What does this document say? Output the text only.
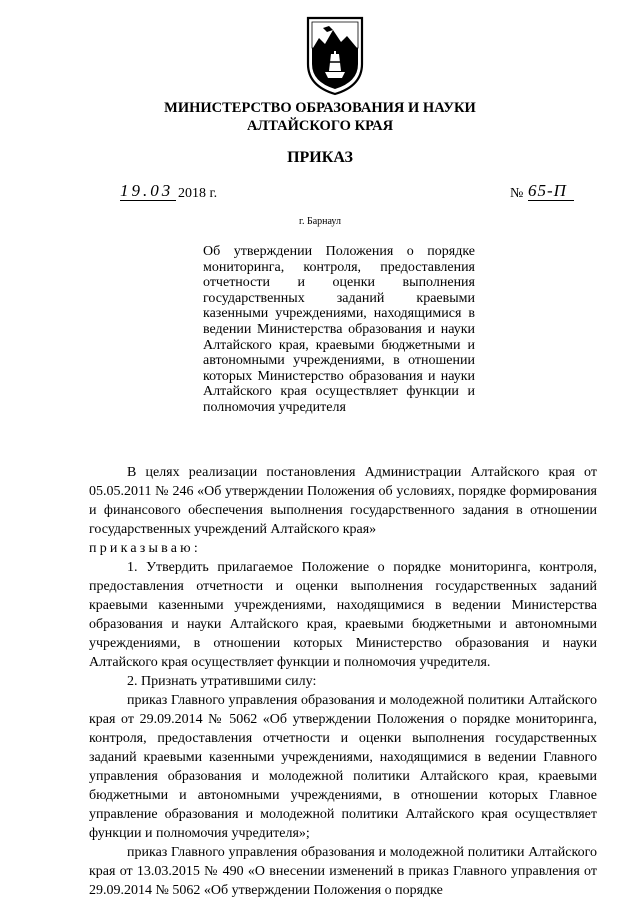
МИНИСТЕРСТВО ОБРАЗОВАНИЯ И НАУКИ
АЛТАЙСКОГО КРАЯ
ПРИКАЗ
19.03 2018 г.	№ 65-П
г. Барнаул
Об утверждении Положения о порядке мониторинга, контроля, предоставления отчетности и оценки выполнения государственных заданий краевыми казенными учреждениями, находящимися в ведении Министерства образования и науки Алтайского края, краевыми бюджетными и автономными учреждениями, в отношении которых Министерство образования и науки Алтайского края осуществляет функции и полномочия учредителя

В целях реализации постановления Администрации Алтайского края от 05.05.2011 № 246 «Об утверждении Положения об условиях, порядке формирования и финансового обеспечения выполнения государственного задания в отношении государственных учреждений Алтайского края»

приказываю:

1. Утвердить прилагаемое Положение о порядке мониторинга, контроля, предоставления отчетности и оценки выполнения государственных заданий краевыми казенными учреждениями, находящимися в ведении Министерства образования и науки Алтайского края, краевыми бюджетными и автономными учреждениями, в отношении которых Министерство образования и науки Алтайского края осуществляет функции и полномочия учредителя.

2. Признать утратившими силу:

приказ Главного управления образования и молодежной политики Алтайского края от 29.09.2014 № 5062 «Об утверждении Положения о порядке мониторинга, контроля, предоставления отчетности и оценки выполнения государственных заданий краевыми казенными учреждениями, находящимися в ведении Главного управления образования и молодежной политики Алтайского края, краевыми бюджетными и автономными учреждениями, в отношении которых Главное управление образования и молодежной политики Алтайского края осуществляет функции и полномочия учредителя»;

приказ Главного управления образования и молодежной политики Алтайского края от 13.03.2015 № 490 «О внесении изменений в приказ Главного управления от 29.09.2014 № 5062 «Об утверждении Положения о порядке
